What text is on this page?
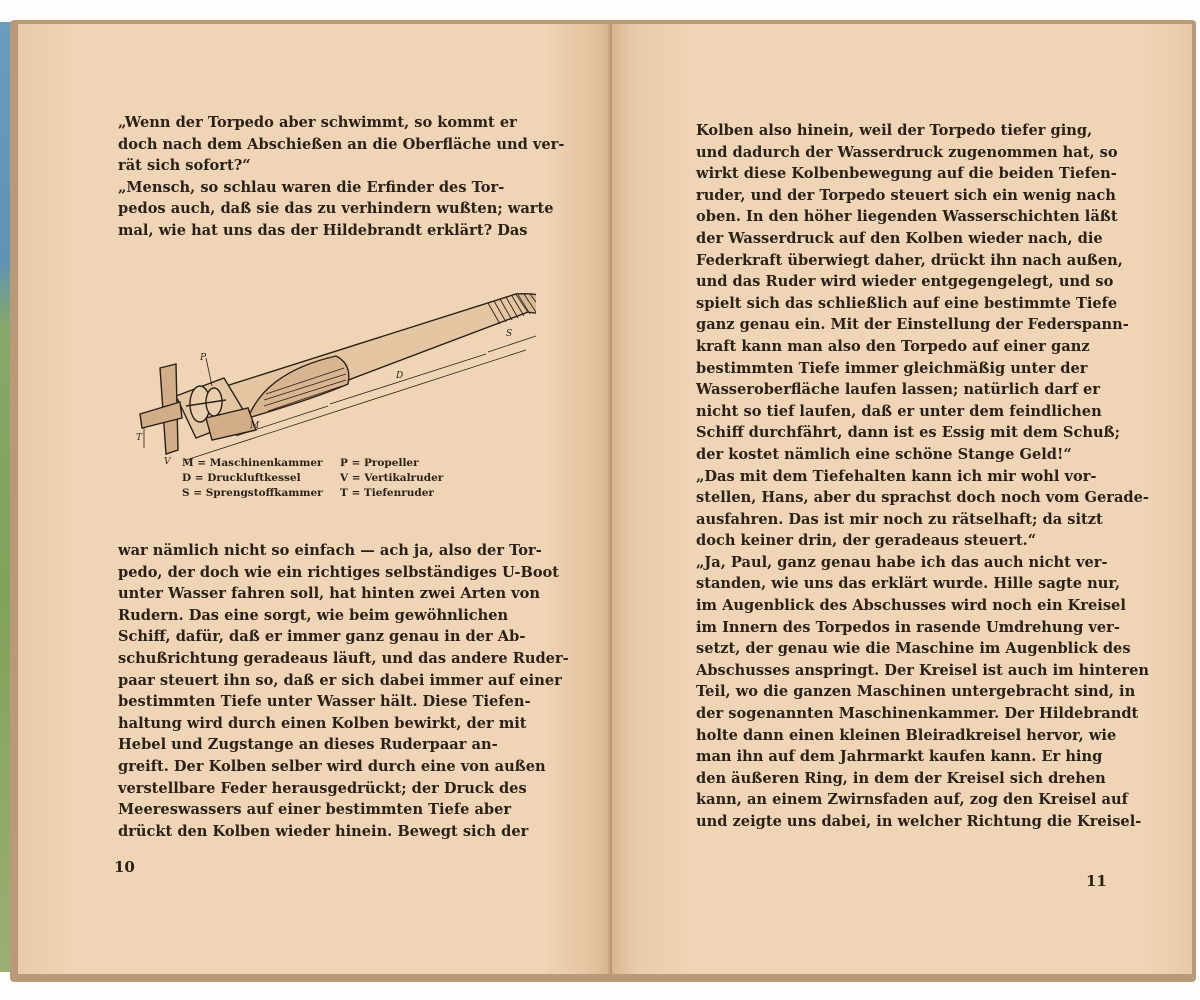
„Wenn der Torpedo aber schwimmt, so kommt er
doch nach dem Abschießen an die Oberfläche und ver-
rät sich sofort?“
„Mensch, so schlau waren die Erfinder des Tor-
pedos auch, daß sie das zu verhindern wußten; warte
mal, wie hat uns das der Hildebrandt erklärt? Das
P
D
S
M
T
V M = Maschinenkammer	P = Propeller
D = Druckluftkessel	V = Vertikalruder
S = Sprengstoffkammer	T = Tiefenruder
war nämlich nicht so einfach — ach ja, also der Tor-
pedo, der doch wie ein richtiges selbständiges U-Boot
unter Wasser fahren soll, hat hinten zwei Arten von
Rudern. Das eine sorgt, wie beim gewöhnlichen
Schiff, dafür, daß er immer ganz genau in der Ab-
schußrichtung geradeaus läuft, und das andere Ruder-
paar steuert ihn so, daß er sich dabei immer auf einer
bestimmten Tiefe unter Wasser hält. Diese Tiefen-
haltung wird durch einen Kolben bewirkt, der mit
Hebel und Zugstange an dieses Ruderpaar an-
greift. Der Kolben selber wird durch eine von außen
verstellbare Feder herausgedrückt; der Druck des
Meereswassers auf einer bestimmten Tiefe aber
drückt den Kolben wieder hinein. Bewegt sich der
10
Kolben also hinein, weil der Torpedo tiefer ging,
und dadurch der Wasserdruck zugenommen hat, so
wirkt diese Kolbenbewegung auf die beiden Tiefen-
ruder, und der Torpedo steuert sich ein wenig nach
oben. In den höher liegenden Wasserschichten läßt
der Wasserdruck auf den Kolben wieder nach, die
Federkraft überwiegt daher, drückt ihn nach außen,
und das Ruder wird wieder entgegengelegt, und so
spielt sich das schließlich auf eine bestimmte Tiefe
ganz genau ein. Mit der Einstellung der Federspann-
kraft kann man also den Torpedo auf einer ganz
bestimmten Tiefe immer gleichmäßig unter der
Wasseroberfläche laufen lassen; natürlich darf er
nicht so tief laufen, daß er unter dem feindlichen
Schiff durchfährt, dann ist es Essig mit dem Schuß;
der kostet nämlich eine schöne Stange Geld!“
„Das mit dem Tiefehalten kann ich mir wohl vor-
stellen, Hans, aber du sprachst doch noch vom Gerade-
ausfahren. Das ist mir noch zu rätselhaft; da sitzt
doch keiner drin, der geradeaus steuert.“
„Ja, Paul, ganz genau habe ich das auch nicht ver-
standen, wie uns das erklärt wurde. Hille sagte nur,
im Augenblick des Abschusses wird noch ein Kreisel
im Innern des Torpedos in rasende Umdrehung ver-
setzt, der genau wie die Maschine im Augenblick des
Abschusses anspringt. Der Kreisel ist auch im hinteren
Teil, wo die ganzen Maschinen untergebracht sind, in
der sogenannten Maschinenkammer. Der Hildebrandt
holte dann einen kleinen Bleiradkreisel hervor, wie
man ihn auf dem Jahrmarkt kaufen kann. Er hing
den äußeren Ring, in dem der Kreisel sich drehen
kann, an einem Zwirnsfaden auf, zog den Kreisel auf
und zeigte uns dabei, in welcher Richtung die Kreisel-
11
